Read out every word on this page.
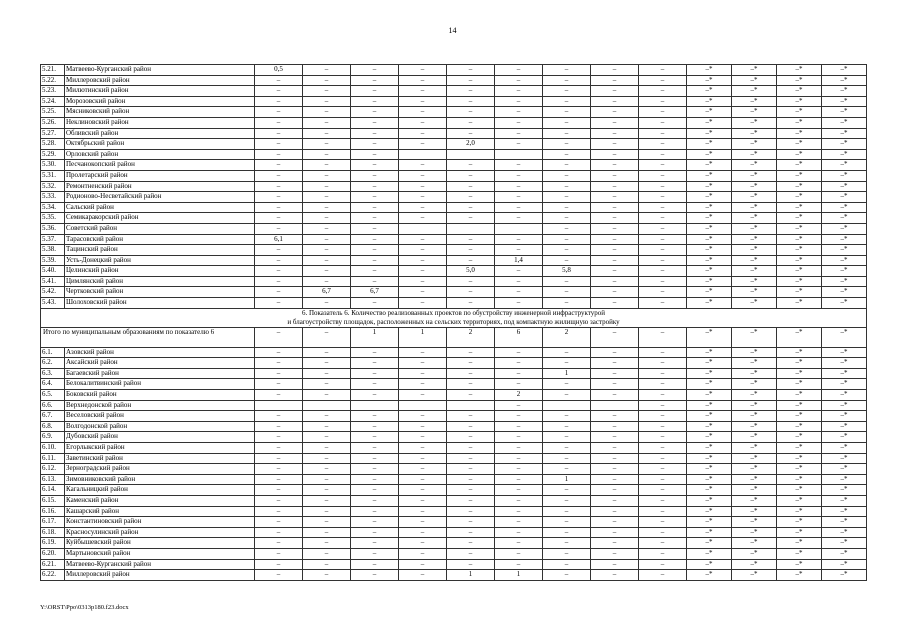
14
5.21.	Матвеево-Курганский район	0,5	–	–	–	–	–	–	–	–	–*	–*	–*	–*
5.22.	Миллеровский район	–	–	–	–	–	–	–	–	–	–*	–*	–*	–*
5.23.	Милютинский район	–	–	–	–	–	–	–	–	–	–*	–*	–*	–*
5.24.	Морозовский район	–	–	–	–	–	–	–	–	–	–*	–*	–*	–*
5.25.	Мясниковский район	–	–	–	–	–	–	–	–	–	–*	–*	–*	–*
5.26.	Неклиновский район	–	–	–	–	–	–	–	–	–	–*	–*	–*	–*
5.27.	Обливский район	–	–	–	–	–	–	–	–	–	–*	–*	–*	–*
5.28.	Октябрьский район	–	–	–	–	2,0	–	–	–	–	–*	–*	–*	–*
5.29.	Орловский район	–	–	–				–	–	–	–*	–*	–*	–*
5.30.	Песчанокопский район	–	–	–	–	–	–	–	–	–	–*	–*	–*	–*
5.31.	Пролетарский район	–	–	–	–	–	–	–	–	–	–*	–*	–*	–*
5.32.	Ремонтненский район	–	–	–	–	–	–	–	–	–	–*	–*	–*	–*
5.33.	Родионово-Несветайский район	–	–	–	–	–	–	–	–	–	–*	–*	–*	–*
5.34.	Сальский район	–	–	–	–	–	–	–	–	–	–*	–*	–*	–*
5.35.	Семикаракорский район	–	–	–	–	–	–	–	–	–	–*	–*	–*	–*
5.36.	Советский район	–	–	–				–	–	–	–*	–*	–*	–*
5.37.	Тарасовский район	6,1	–	–	–	–	–	–	–	–	–*	–*	–*	–*
5.38.	Тацинский район	–	–	–	–	–	–	–	–	–	–*	–*	–*	–*
5.39.	Усть-Донецкий район	–	–	–	–	–	1,4	–	–	–	–*	–*	–*	–*
5.40.	Целинский район	–	–	–	–	5,0	–	5,8	–	–	–*	–*	–*	–*
5.41.	Цимлянский район	–	–	–	–	–	–	–	–	–	–*	–*	–*	–*
5.42.	Чертковский район	–	6,7	6,7	–	–	–	–	–	–	–*	–*	–*	–*
5.43.	Шолоховский район	–	–	–	–	–	–	–	–	–	–*	–*	–*	–*
6. Показатель 6. Количество реализованных проектов по обустройству инженерной инфраструктурой
и благоустройству площадок, расположенных на сельских территориях, под компактную жилищную застройку														
Итого по муниципальным образованиям по показателю 6		–	–	1	1	2	6	2	–	–	–*	–*	–*	–*
6.1.	Азовский район	–	–	–	–	–	–	–	–	–	–*	–*	–*	–*
6.2.	Аксайский район	–	–	–	–	–	–	–	–	–	–*	–*	–*	–*
6.3.	Багаевский район	–	–	–	–	–	–	1	–	–	–*	–*	–*	–*
6.4.	Белокалитвинский район	–	–	–	–	–	–	–	–	–	–*	–*	–*	–*
6.5.	Боковский район	–	–	–	–	–	2	–	–	–	–*	–*	–*	–*
6.6.	Верхнедонской район						–			–	–*	–*	–*	–*
6.7.	Веселовский район	–	–	–	–	–	–	–	–	–	–*	–*	–*	–*
6.8.	Волгодонской район	–	–	–	–	–	–	–	–	–	–*	–*	–*	–*
6.9.	Дубовский район	–	–	–	–	–	–	–	–	–	–*	–*	–*	–*
6.10.	Егорлыкский район	–	–	–	–	–	–	–	–	–	–*	–*	–*	–*
6.11.	Заветинский район	–	–	–	–	–	–	–	–	–	–*	–*	–*	–*
6.12.	Зерноградский район	–	–	–	–	–	–	–	–	–	–*	–*	–*	–*
6.13.	Зимовниковский район	–	–	–	–	–	–	1	–	–	–*	–*	–*	–*
6.14.	Кагальницкий район	–	–	–	–	–	–	–	–	–	–*	–*	–*	–*
6.15.	Каменский район	–	–	–	–	–	–	–	–	–	–*	–*	–*	–*
6.16.	Кашарский район	–	–	–	–	–	–	–	–	–	–*	–*	–*	–*
6.17.	Константиновский район	–	–	–	–	–	–	–	–	–	–*	–*	–*	–*
6.18.	Красносулинский район	–	–	–	–	–	–	–	–	–	–*	–*	–*	–*
6.19.	Куйбышевский район	–	–	–	–	–	–	–	–	–	–*	–*	–*	–*
6.20.	Мартыновский район	–	–	–	–	–	–	–	–	–	–*	–*	–*	–*
6.21.	Матвеево-Курганский район	–	–	–	–	–	–	–	–	–	–*	–*	–*	–*
6.22.	Миллеровский район	–	–	–	–	1	1	–	–	–	–*	–*	–*	–*
Y:\ORST\Ppo\0313p180.f23.docx
